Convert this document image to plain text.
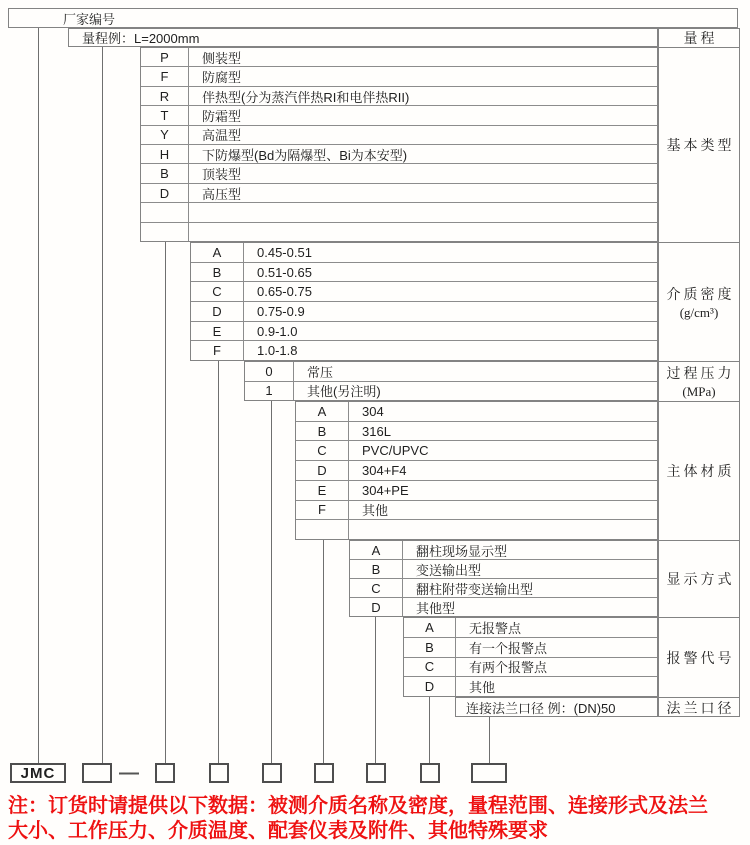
厂家编号
量程例：L=2000mm
P	侧装型
F	防腐型
R	伴热型(分为蒸汽伴热RI和电伴热RII)
T	防霜型
Y	高温型
H	下防爆型(Bd为隔爆型、Bi为本安型)
B	顶装型
D	高压型
A	0.45-0.51
B	0.51-0.65
C	0.65-0.75
D	0.75-0.9
E	0.9-1.0
F	1.0-1.8
0	常压
1	其他(另注明)
A	304
B	316L
C	PVC/UPVC
D	304+F4
E	304+PE
F	其他
A	翻柱现场显示型
B	变送输出型
C	翻柱附带变送输出型
D	其他型
A	无报警点
B	有一个报警点
C	有两个报警点
D	其他
量程
基本类型
介质密度
(g/cm³)
过程压力
(MPa)
主体材质
显示方式
报警代号
法兰口径
连接法兰口径 例：(DN)50
JMC	—
注：订货时请提供以下数据：被测介质名称及密度，量程范围、连接形式及法兰
大小、工作压力、介质温度、配套仪表及附件、其他特殊要求
